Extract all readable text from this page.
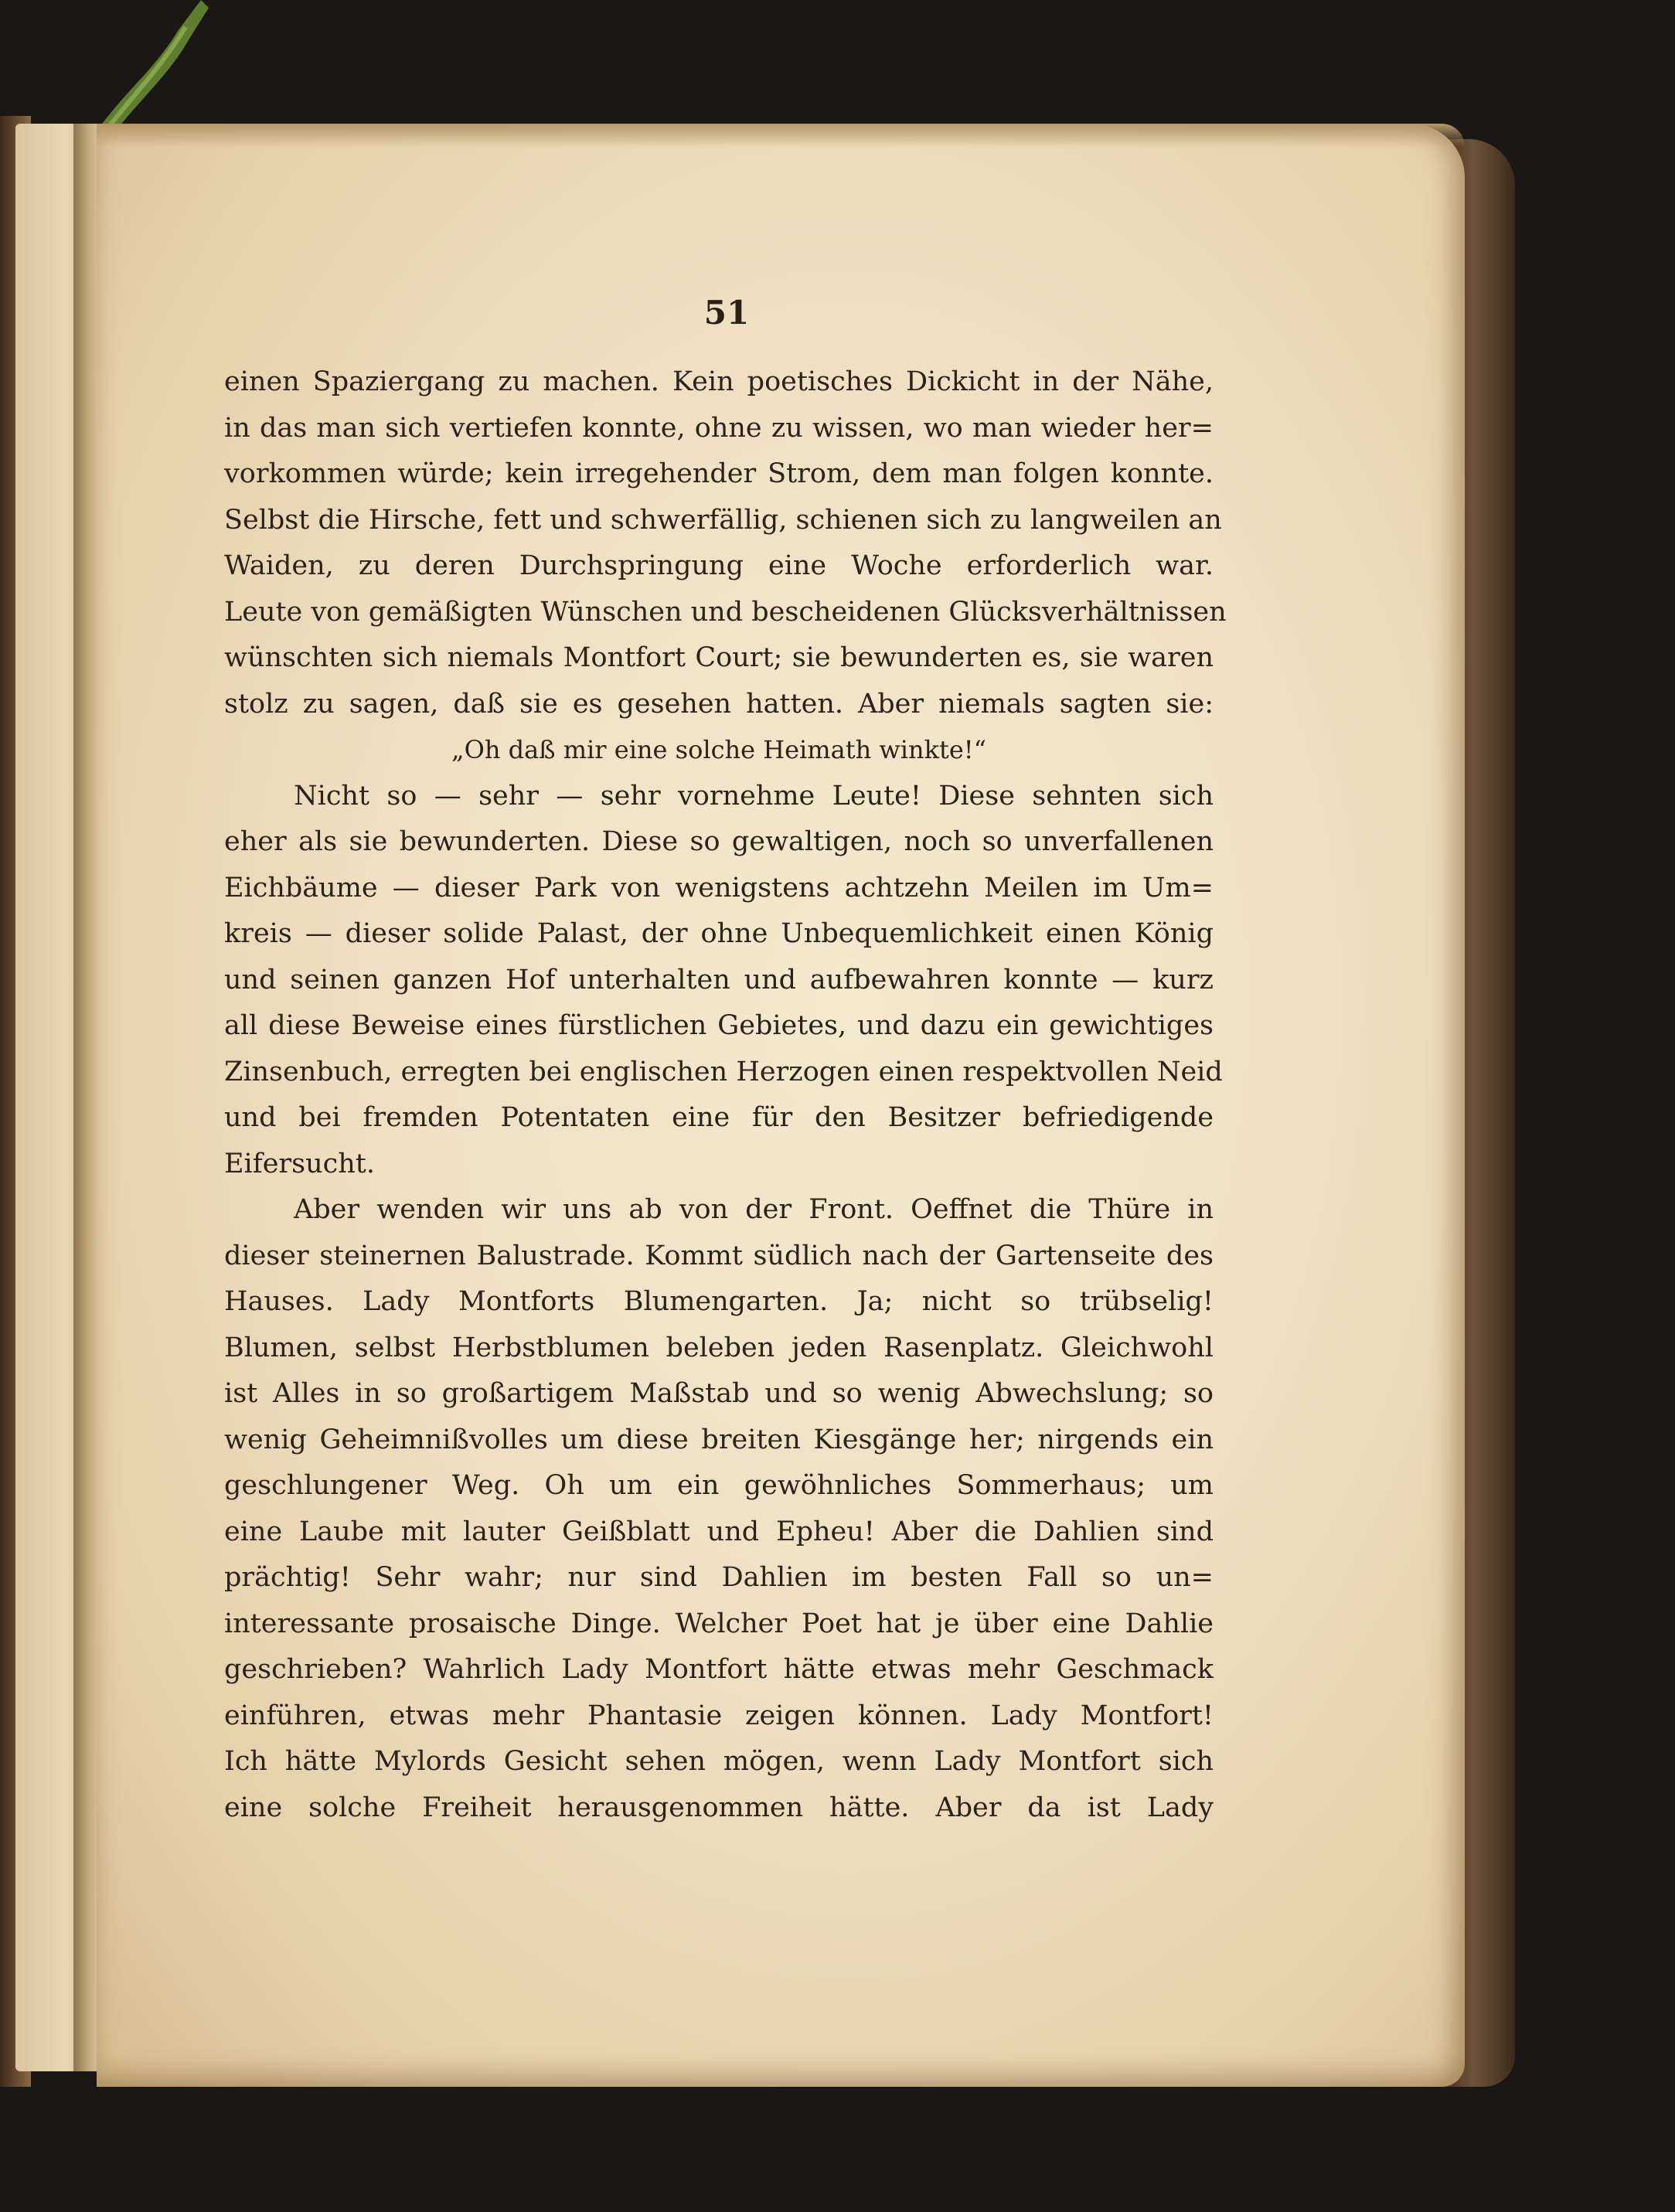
51
einen Spaziergang zu machen. Kein poetisches Dickicht in der Nähe,
in das man sich vertiefen konnte, ohne zu wissen, wo man wieder her=
vorkommen würde; kein irregehender Strom, dem man folgen konnte.
Selbst die Hirsche, fett und schwerfällig, schienen sich zu langweilen an
Waiden, zu deren Durchspringung eine Woche erforderlich war.
Leute von gemäßigten Wünschen und bescheidenen Glücksverhältnissen
wünschten sich niemals Montfort Court; sie bewunderten es, sie waren
stolz zu sagen, daß sie es gesehen hatten. Aber niemals sagten sie:
„Oh daß mir eine solche Heimath winkte!“
Nicht so — sehr — sehr vornehme Leute! Diese sehnten sich
eher als sie bewunderten. Diese so gewaltigen, noch so unverfallenen
Eichbäume — dieser Park von wenigstens achtzehn Meilen im Um=
kreis — dieser solide Palast, der ohne Unbequemlichkeit einen König
und seinen ganzen Hof unterhalten und aufbewahren konnte — kurz
all diese Beweise eines fürstlichen Gebietes, und dazu ein gewichtiges
Zinsenbuch, erregten bei englischen Herzogen einen respektvollen Neid
und bei fremden Potentaten eine für den Besitzer befriedigende
Eifersucht.
Aber wenden wir uns ab von der Front. Oeffnet die Thüre in
dieser steinernen Balustrade. Kommt südlich nach der Gartenseite des
Hauses. Lady Montforts Blumengarten. Ja; nicht so trübselig!
Blumen, selbst Herbstblumen beleben jeden Rasenplatz. Gleichwohl
ist Alles in so großartigem Maßstab und so wenig Abwechslung; so
wenig Geheimnißvolles um diese breiten Kiesgänge her; nirgends ein
geschlungener Weg. Oh um ein gewöhnliches Sommerhaus; um
eine Laube mit lauter Geißblatt und Epheu! Aber die Dahlien sind
prächtig! Sehr wahr; nur sind Dahlien im besten Fall so un=
interessante prosaische Dinge. Welcher Poet hat je über eine Dahlie
geschrieben? Wahrlich Lady Montfort hätte etwas mehr Geschmack
einführen, etwas mehr Phantasie zeigen können. Lady Montfort!
Ich hätte Mylords Gesicht sehen mögen, wenn Lady Montfort sich
eine solche Freiheit herausgenommen hätte. Aber da ist Lady
